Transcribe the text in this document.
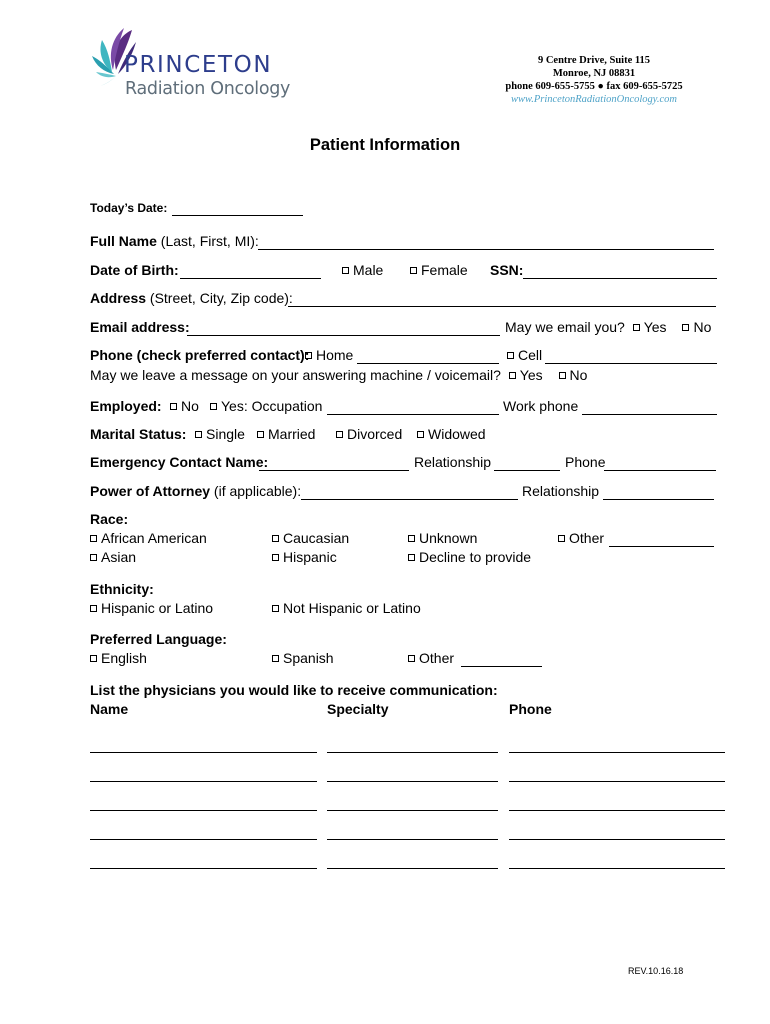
PRINCETON
Radiation Oncology
9 Centre Drive, Suite 115
Monroe, NJ 08831
phone 609-655-5755 ● fax 609-655-5725
www.PrincetonRadiationOncology.com
Patient Information
Today’s Date:
Full Name (Last, First, MI):
Date of Birth:	Male	Female SSN:
Address (Street, City, Zip code):
Email address:	May we email you? Yes No
Phone (check preferred contact): Home	Cell
May we leave a message on your answering machine / voicemail? Yes No
Employed:	No	Yes: Occupation	Work phone
Marital Status:	Single	Married	Divorced	Widowed
Emergency Contact Name:	Relationship	Phone
Power of Attorney (if applicable):	Relationship
Race:
African American	Caucasian	Unknown	Other
Asian	Hispanic	Decline to provide
Ethnicity:
Hispanic or Latino	Not Hispanic or Latino
Preferred Language:
English	Spanish	Other
List the physicians you would like to receive communication:
Name	Specialty	Phone
REV.10.16.18
